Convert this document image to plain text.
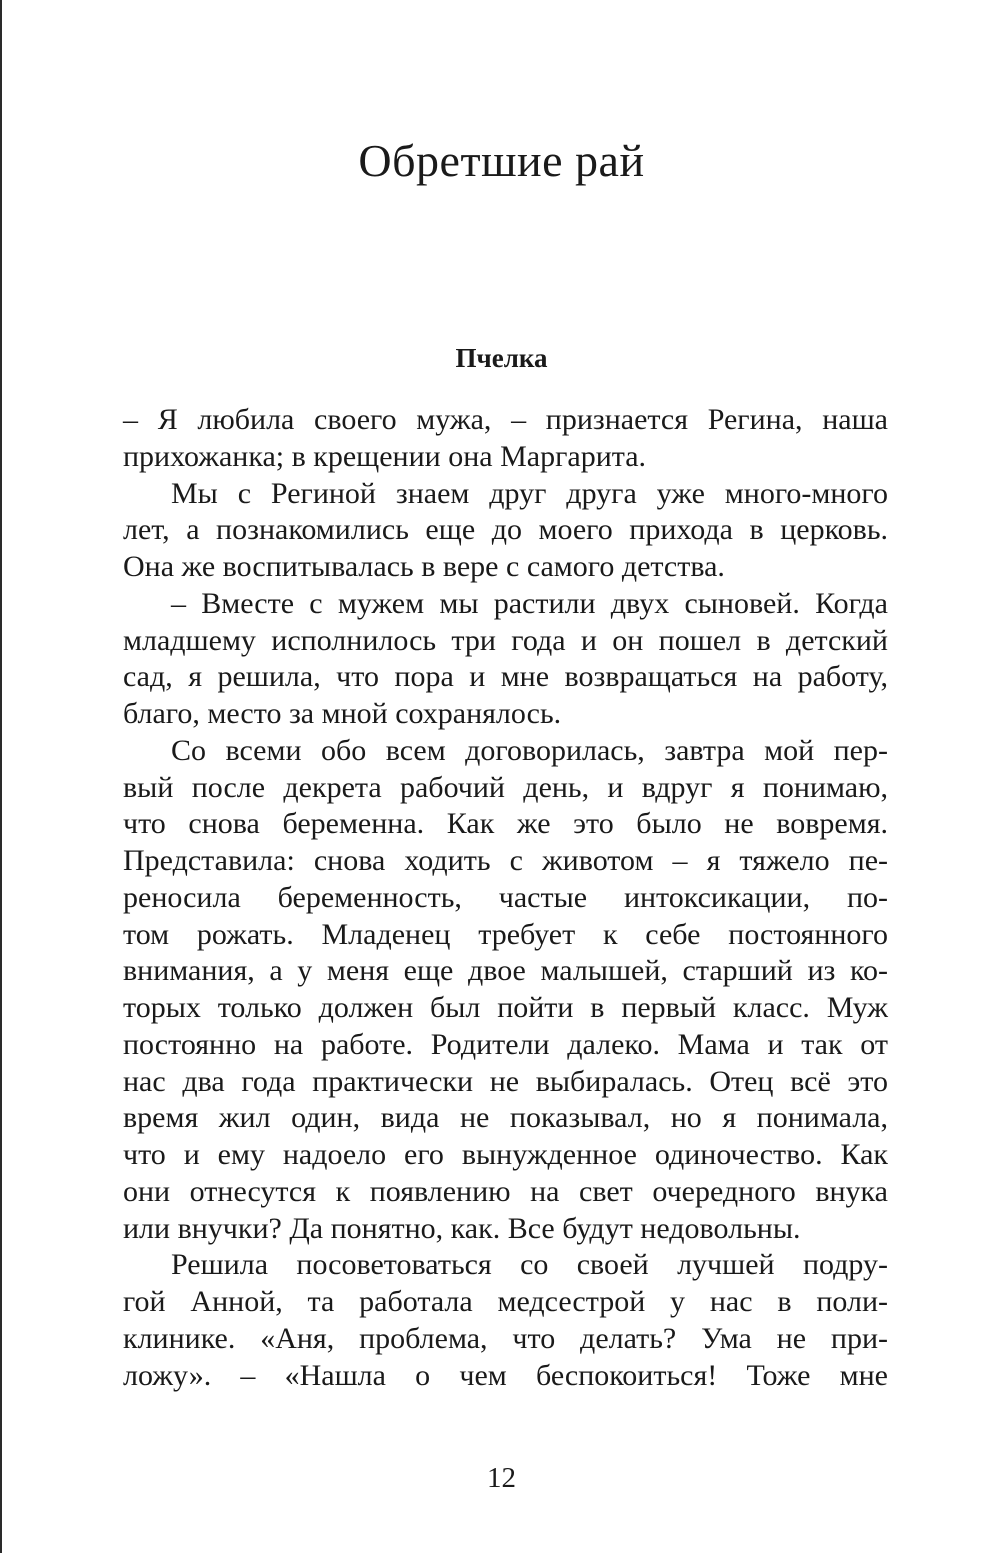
Обретшие рай
Пчелка
– Я любила своего мужа, – признается Регина, наша
прихожанка; в крещении она Маргарита.
Мы с Региной знаем друг друга уже много-много
лет, а познакомились еще до моего прихода в церковь.
Она же воспитывалась в вере с самого детства.
– Вместе с мужем мы растили двух сыновей. Когда
младшему исполнилось три года и он пошел в детский
сад, я решила, что пора и мне возвращаться на работу,
благо, место за мной сохранялось.
Со всеми обо всем договорилась, завтра мой пер-
вый после декрета рабочий день, и вдруг я понимаю,
что снова беременна. Как же это было не вовремя.
Представила: снова ходить с животом – я тяжело пе-
реносила беременность, частые интоксикации, по-
том рожать. Младенец требует к себе постоянного
внимания, а у меня еще двое малышей, старший из ко-
торых только должен был пойти в первый класс. Муж
постоянно на работе. Родители далеко. Мама и так от
нас два года практически не выбиралась. Отец всё это
время жил один, вида не показывал, но я понимала,
что и ему надоело его вынужденное одиночество. Как
они отнесутся к появлению на свет очередного внука
или внучки? Да понятно, как. Все будут недовольны.
Решила посоветоваться со своей лучшей подру-
гой Анной, та работала медсестрой у нас в поли-
клинике. «Аня, проблема, что делать? Ума не при-
ложу». – «Нашла о чем беспокоиться! Тоже мне
12
